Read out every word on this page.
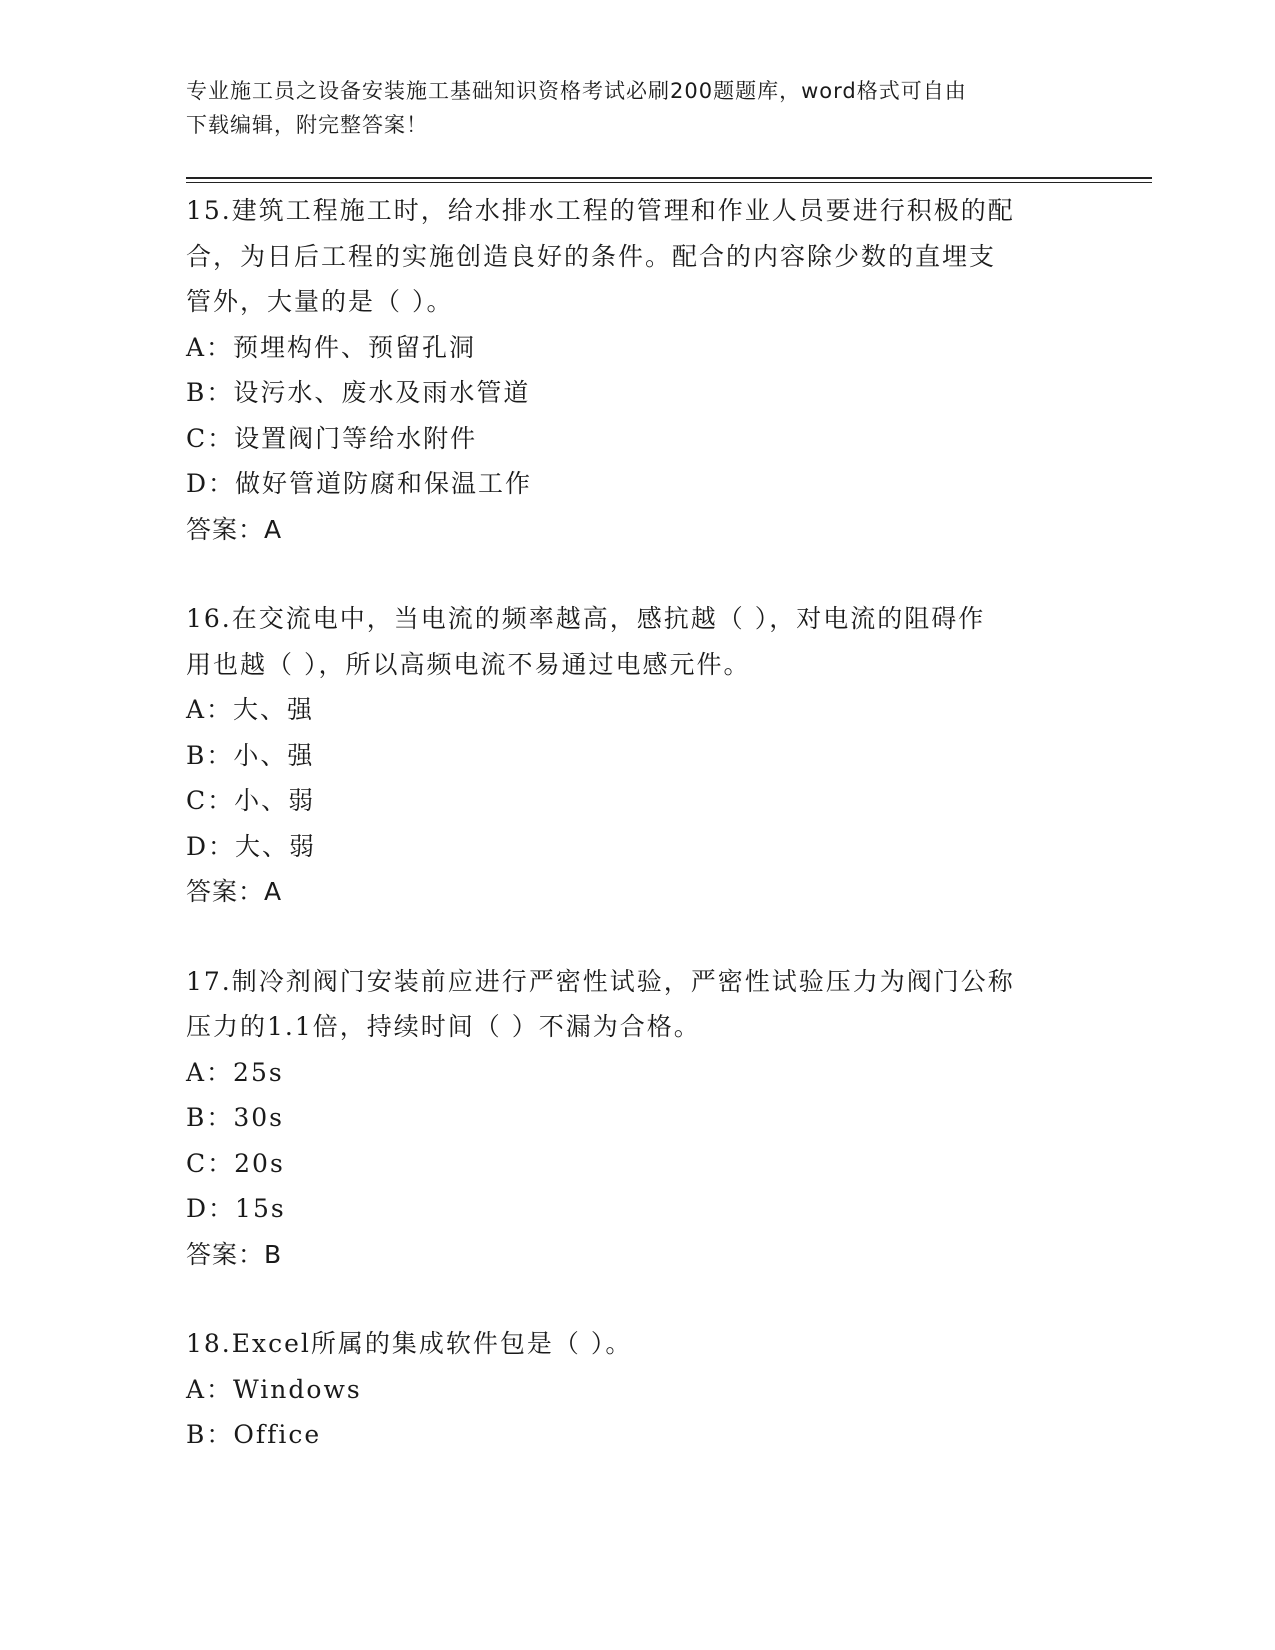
专业施工员之设备安装施工基础知识资格考试必刷200题题库，word格式可自由
下载编辑，附完整答案！
15.建筑工程施工时，给水排水工程的管理和作业人员要进行积极的配
合，为日后工程的实施创造良好的条件。配合的内容除少数的直埋支
管外，大量的是（ ）。
A：预埋构件、预留孔洞
B：设污水、废水及雨水管道
C：设置阀门等给水附件
D：做好管道防腐和保温工作
答案：A
16.在交流电中，当电流的频率越高，感抗越（ ），对电流的阻碍作
用也越（ ），所以高频电流不易通过电感元件。
A：大、强
B：小、强
C：小、弱
D：大、弱
答案：A
17.制冷剂阀门安装前应进行严密性试验，严密性试验压力为阀门公称
压力的1.1倍，持续时间（ ）不漏为合格。
A：25s
B：30s
C：20s
D：15s
答案：B
18.Excel所属的集成软件包是（ ）。
A：Windows
B：Office
